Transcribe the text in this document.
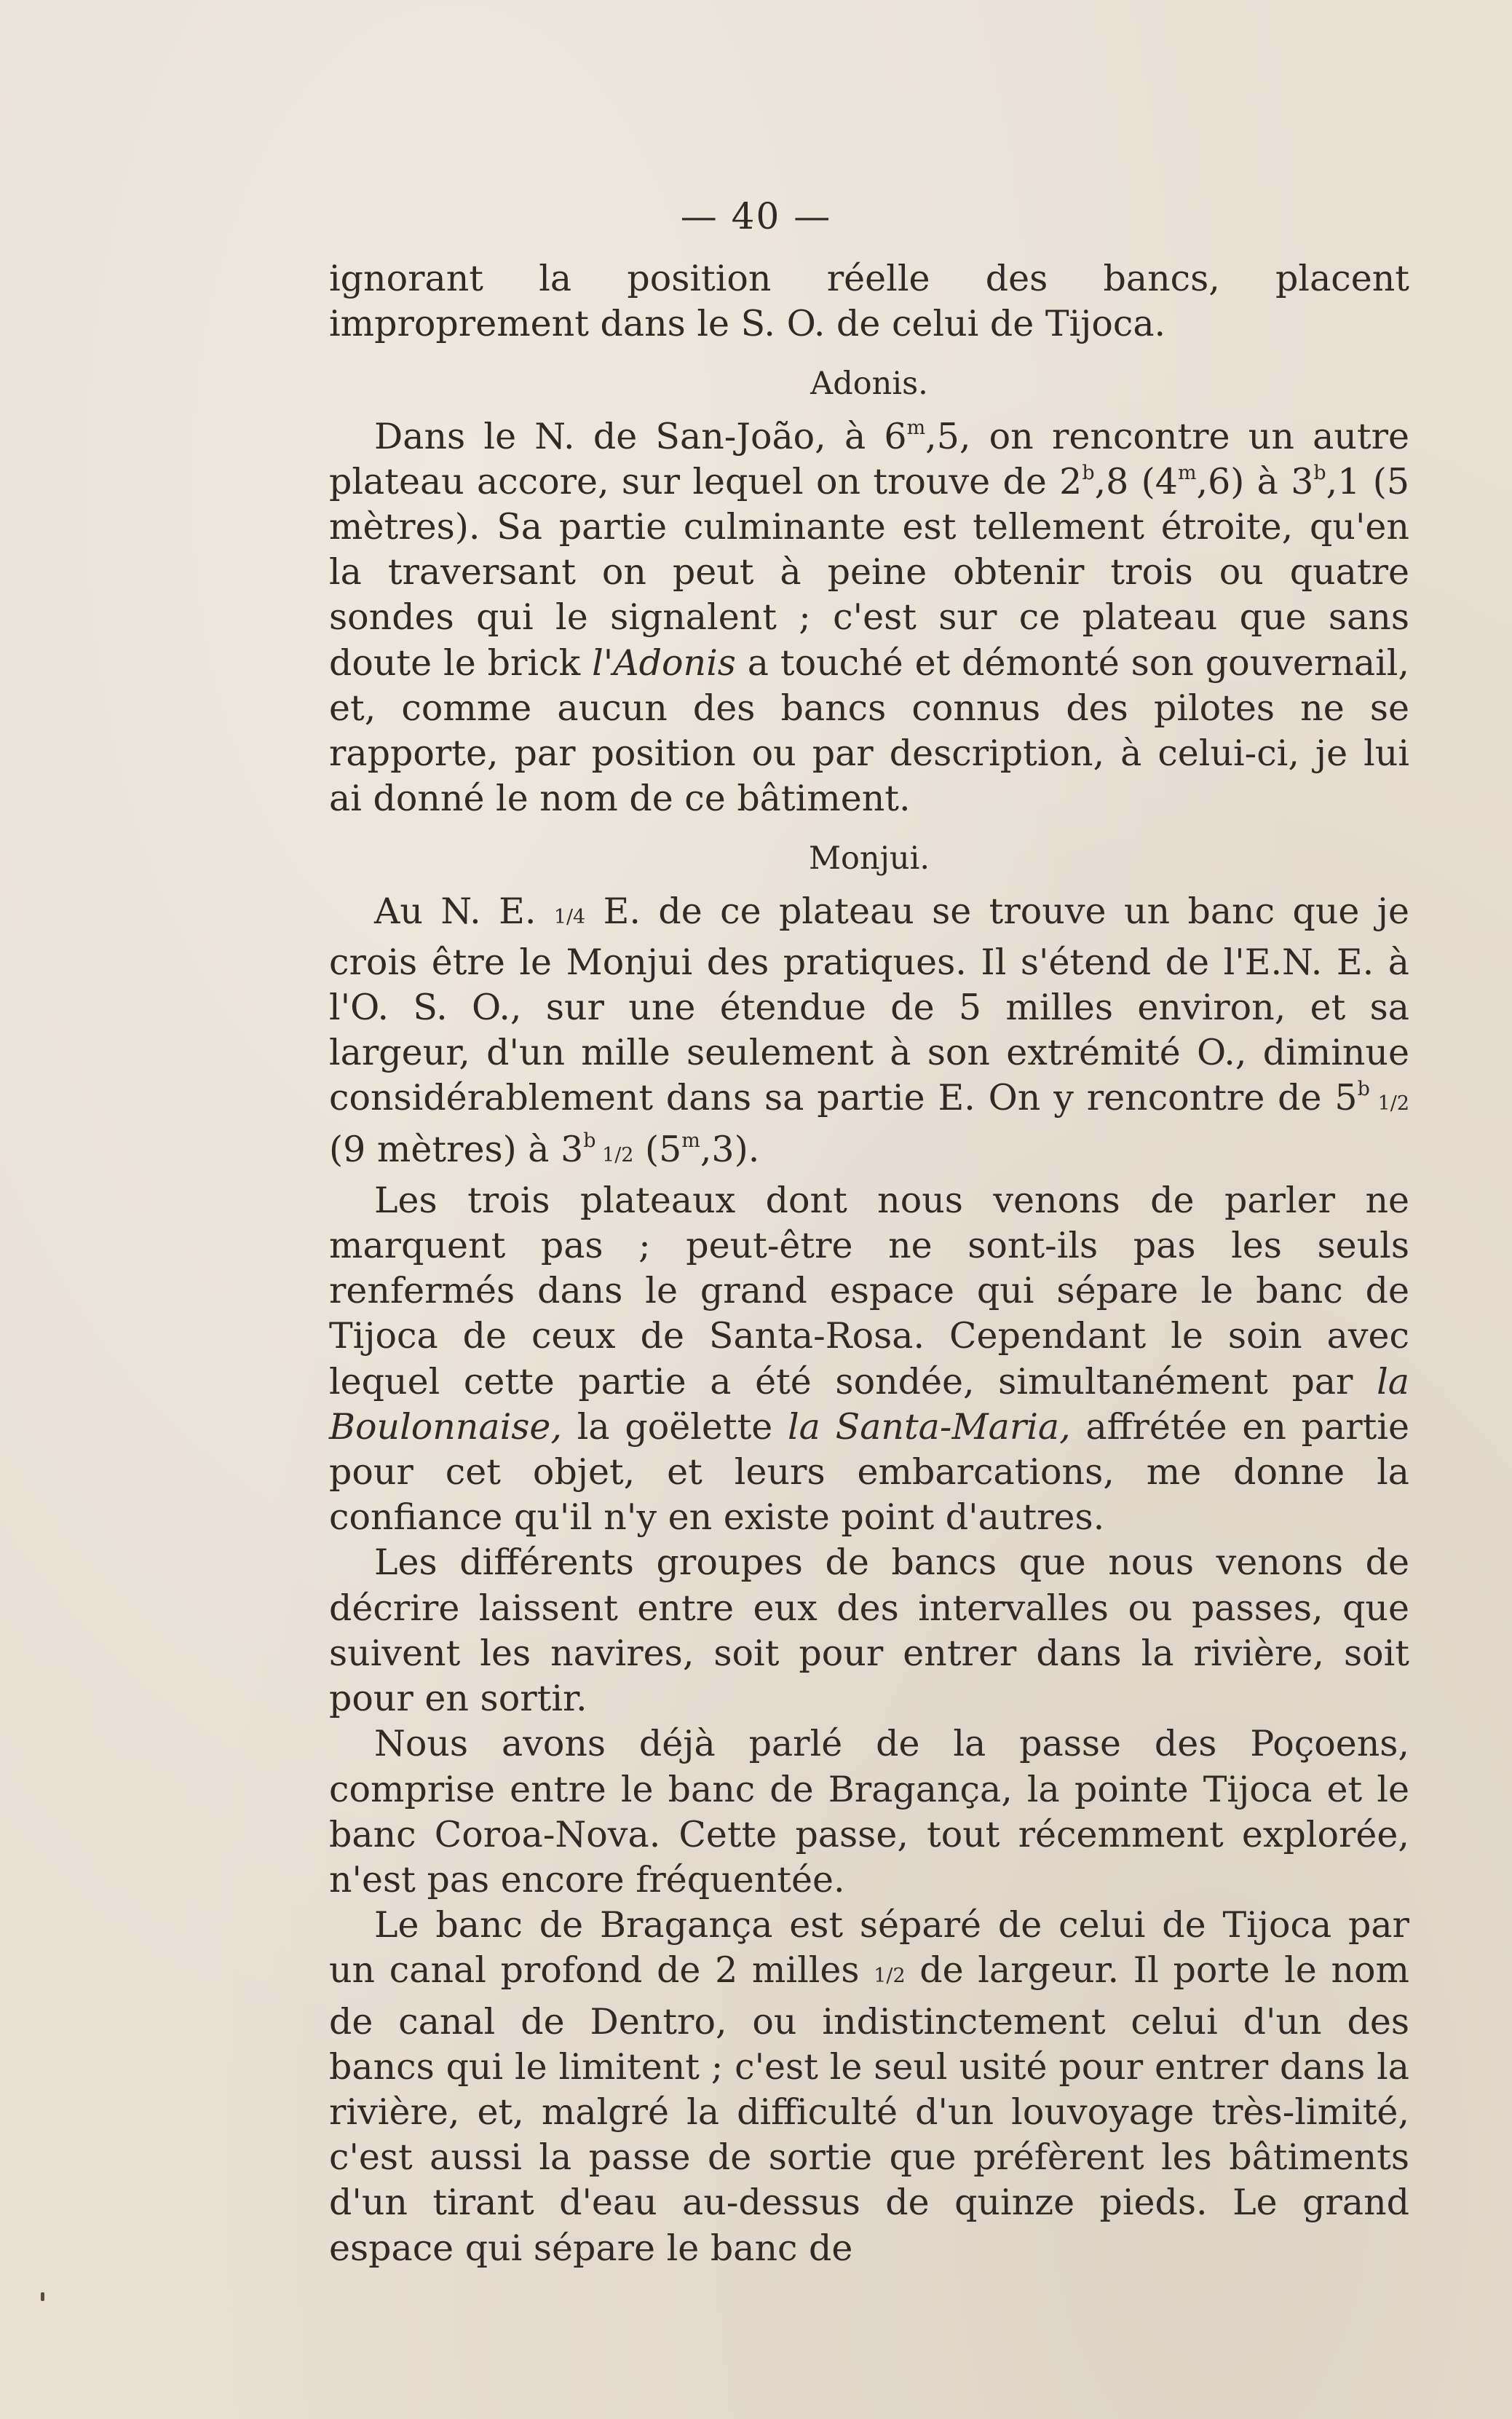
— 40 —

ignorant la position réelle des bancs, placent improprement dans le S. O. de celui de Tijoca.

Adonis.

Dans le N. de San-João, à 6$^m$,5, on rencontre un autre plateau accore, sur lequel on trouve de 2$^b$,8 (4$^m$,6) à 3$^b$,1 (5 mètres). Sa partie culminante est tellement étroite, qu'en la traversant on peut à peine obtenir trois ou quatre sondes qui le signalent ; c'est sur ce plateau que sans doute le brick l'Adonis a touché et démonté son gouvernail, et, comme aucun des bancs connus des pilotes ne se rapporte, par position ou par description, à celui-ci, je lui ai donné le nom de ce bâtiment.

Monjui.

Au N. E. 1/4 E. de ce plateau se trouve un banc que je crois être le Monjui des pratiques. Il s'étend de l'E.N. E. à l'O. S. O., sur une étendue de 5 milles environ, et sa largeur, d'un mille seulement à son extrémité O., diminue considérablement dans sa partie E. On y rencontre de 5$^b$ 1/2 (9 mètres) à 3$^b$ 1/2 (5$^m$,3).

Les trois plateaux dont nous venons de parler ne marquent pas ; peut-être ne sont-ils pas les seuls renfermés dans le grand espace qui sépare le banc de Tijoca de ceux de Santa-Rosa. Cependant le soin avec lequel cette partie a été sondée, simultanément par la Boulonnaise, la goëlette la Santa-Maria, affrétée en partie pour cet objet, et leurs embarcations, me donne la confiance qu'il n'y en existe point d'autres.

Les différents groupes de bancs que nous venons de décrire laissent entre eux des intervalles ou passes, que suivent les navires, soit pour entrer dans la rivière, soit pour en sortir.

Nous avons déjà parlé de la passe des Poçoens, comprise entre le banc de Bragança, la pointe Tijoca et le banc Coroa-Nova. Cette passe, tout récemment explorée, n'est pas encore fréquentée.

Le banc de Bragança est séparé de celui de Tijoca par un canal profond de 2 milles 1/2 de largeur. Il porte le nom de canal de Dentro, ou indistinctement celui d'un des bancs qui le limitent ; c'est le seul usité pour entrer dans la rivière, et, malgré la difficulté d'un louvoyage très-limité, c'est aussi la passe de sortie que préfèrent les bâtiments d'un tirant d'eau au-dessus de quinze pieds. Le grand espace qui sépare le banc de
